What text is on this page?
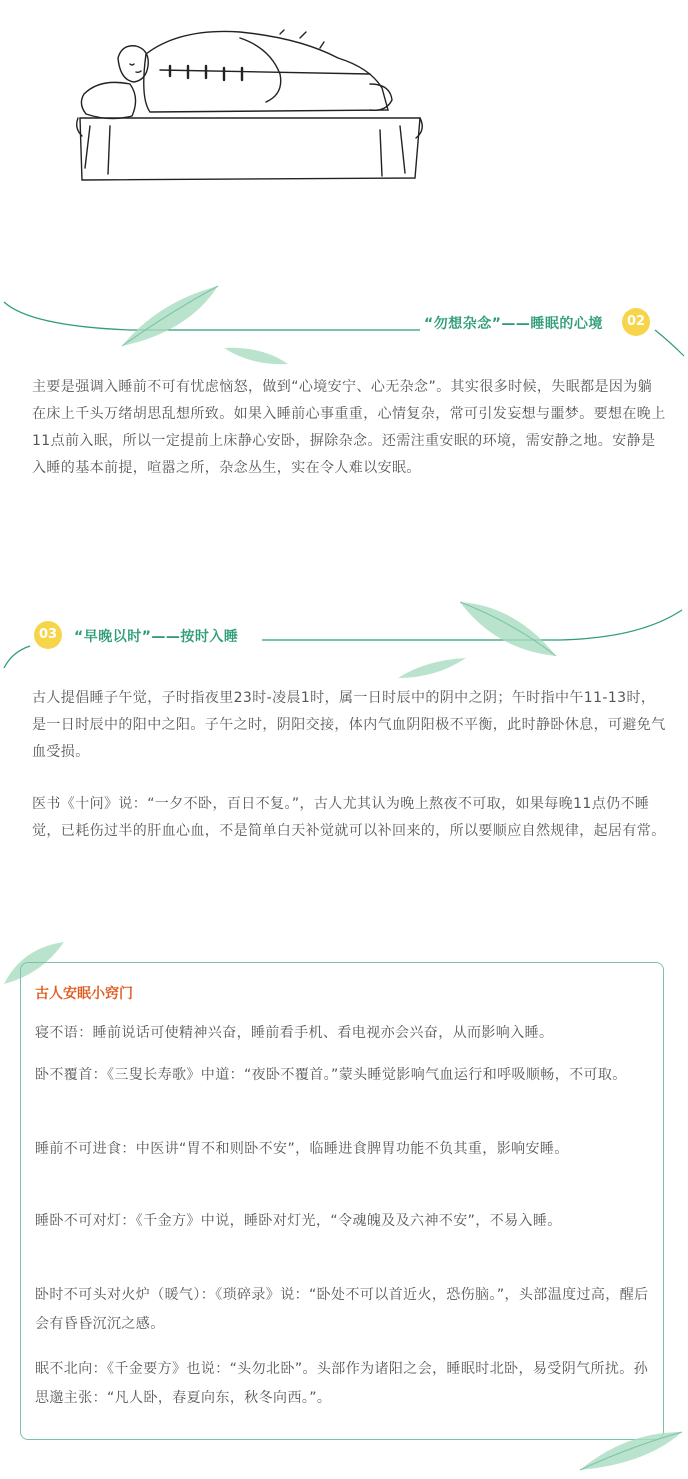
“勿想杂念”——睡眠的心境	02

主要是强调入睡前不可有忧虑恼怒，做到“心境安宁、心无杂念”。其实很多时候，失眠都是因为躺在床上千头万绪胡思乱想所致。如果入睡前心事重重，心情复杂，常可引发妄想与噩梦。要想在晚上11点前入眠，所以一定提前上床静心安卧，摒除杂念。还需注重安眠的环境，需安静之地。安静是入睡的基本前提，喧嚣之所，杂念丛生，实在令人难以安眠。

03	“早晚以时”——按时入睡

古人提倡睡子午觉，子时指夜里23时-凌晨1时，属一日时辰中的阴中之阴；午时指中午11-13时，是一日时辰中的阳中之阳。子午之时，阴阳交接，体内气血阴阳极不平衡，此时静卧休息，可避免气血受损。

医书《十问》说：“一夕不卧，百日不复。”，古人尤其认为晚上熬夜不可取，如果每晚11点仍不睡觉，已耗伤过半的肝血心血，不是简单白天补觉就可以补回来的，所以要顺应自然规律，起居有常。

古人安眠小窍门

寝不语：睡前说话可使精神兴奋，睡前看手机、看电视亦会兴奋，从而影响入睡。

卧不覆首：《三叟长寿歌》中道：“夜卧不覆首。”蒙头睡觉影响气血运行和呼吸顺畅，不可取。

睡前不可进食：中医讲“胃不和则卧不安”，临睡进食脾胃功能不负其重，影响安睡。

睡卧不可对灯：《千金方》中说，睡卧对灯光，“令魂魄及及六神不安”，不易入睡。

卧时不可头对火炉（暖气）：《琐碎录》说：“卧处不可以首近火，恐伤脑。”，头部温度过高，醒后会有昏昏沉沉之感。

眠不北向：《千金要方》也说：“头勿北卧”。头部作为诸阳之会，睡眠时北卧，易受阴气所扰。孙思邈主张：“凡人卧，春夏向东，秋冬向西。”。
